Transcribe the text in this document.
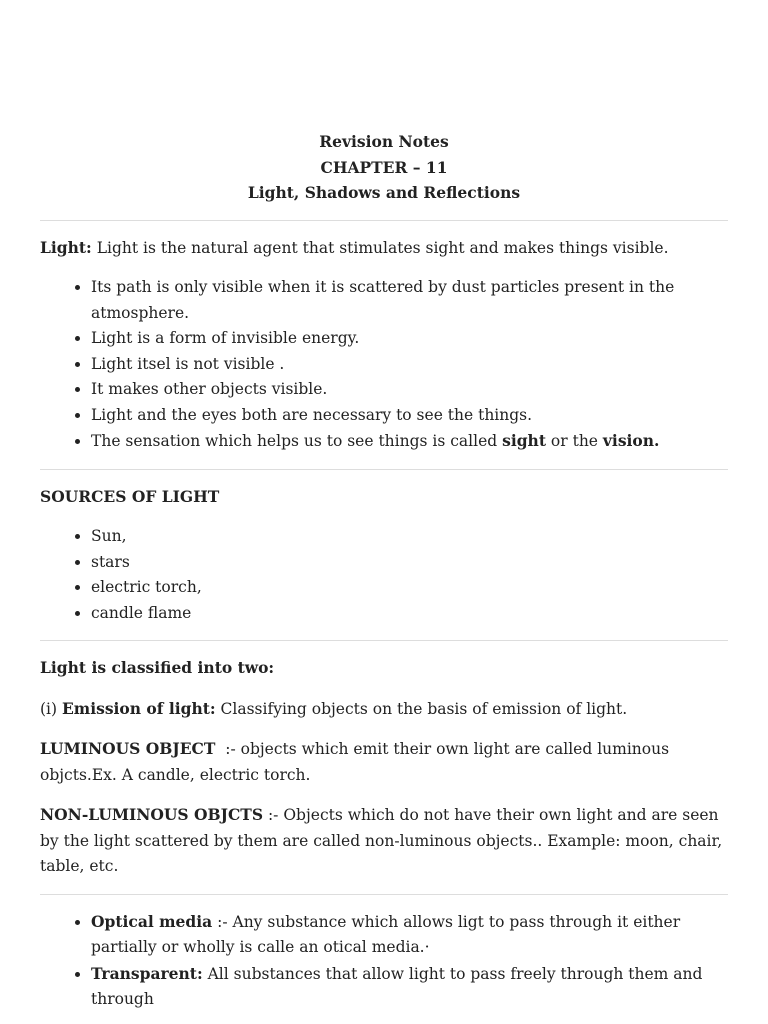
Revision Notes

CHAPTER – 11

Light, Shadows and Reflections

Light: Light is the natural agent that stimulates sight and makes things visible.

• Its path is only visible when it is scattered by dust particles present in the atmosphere.
• Light is a form of invisible energy.
• Light itsel is not visible .
• It makes other objects visible.
• Light and the eyes both are necessary to see the things.
• The sensation which helps us to see things is called sight or the vision.

SOURCES OF LIGHT

• Sun,
• stars
• electric torch,
• candle flame

Light is classified into two:

(i) Emission of light: Classifying objects on the basis of emission of light.

LUMINOUS OBJECT  :- objects which emit their own light are called luminous objcts.Ex. A candle, electric torch.

NON-LUMINOUS OBJCTS :- Objects which do not have their own light and are seen by the light scattered by them are called non-luminous objects.. Example: moon, chair, table, etc.

• Optical media :- Any substance which allows ligt to pass through it either partially or wholly is calle an otical media.·
• Transparent: All substances that allow light to pass freely through them and through
